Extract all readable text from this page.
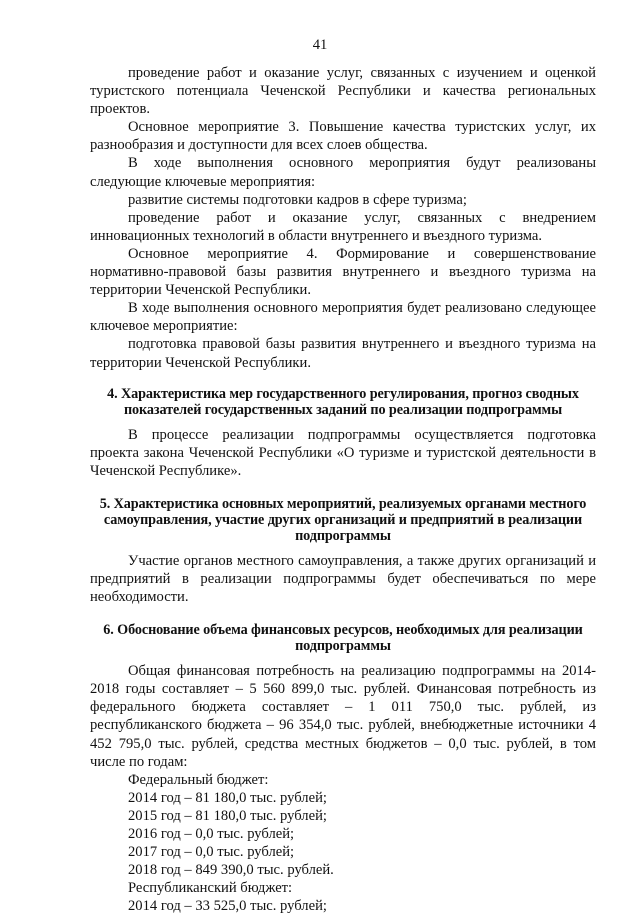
41

проведение работ и оказание услуг, связанных с изучением и оценкой туристского потенциала Чеченской Республики и качества региональных проектов.

Основное мероприятие 3. Повышение качества туристских услуг, их разнообразия и доступности для всех слоев общества.

В ходе выполнения основного мероприятия будут реализованы следующие ключевые мероприятия:

развитие системы подготовки кадров в сфере туризма;

проведение работ и оказание услуг, связанных с внедрением инновационных технологий в области внутреннего и въездного туризма.

Основное мероприятие 4. Формирование и совершенствование нормативно-правовой базы развития внутреннего и въездного туризма на территории Чеченской Республики.

В ходе выполнения основного мероприятия будет реализовано следующее ключевое мероприятие:

подготовка правовой базы развития внутреннего и въездного туризма на территории Чеченской Республики.

4. Характеристика мер государственного регулирования, прогноз сводных показателей государственных заданий по реализации подпрограммы

В процессе реализации подпрограммы осуществляется подготовка проекта закона Чеченской Республики «О туризме и туристской деятельности в Чеченской Республике».

5. Характеристика основных мероприятий, реализуемых органами местного самоуправления, участие других организаций и предприятий в реализации подпрограммы

Участие органов местного самоуправления, а также других организаций и предприятий в реализации подпрограммы будет обеспечиваться по мере необходимости.

6. Обоснование объема финансовых ресурсов, необходимых для реализации подпрограммы

Общая финансовая потребность на реализацию подпрограммы на 2014-2018 годы составляет – 5 560 899,0 тыс. рублей. Финансовая потребность из федерального бюджета составляет – 1 011 750,0 тыс. рублей, из республиканского бюджета – 96 354,0 тыс. рублей, внебюджетные источники 4 452 795,0 тыс. рублей, средства местных бюджетов – 0,0 тыс. рублей, в том числе по годам:

Федеральный бюджет:

2014 год – 81 180,0 тыс. рублей;

2015 год – 81 180,0 тыс. рублей;

2016 год – 0,0 тыс. рублей;

2017 год – 0,0 тыс. рублей;

2018 год – 849 390,0 тыс. рублей.

Республиканский бюджет:

2014 год – 33 525,0 тыс. рублей;
